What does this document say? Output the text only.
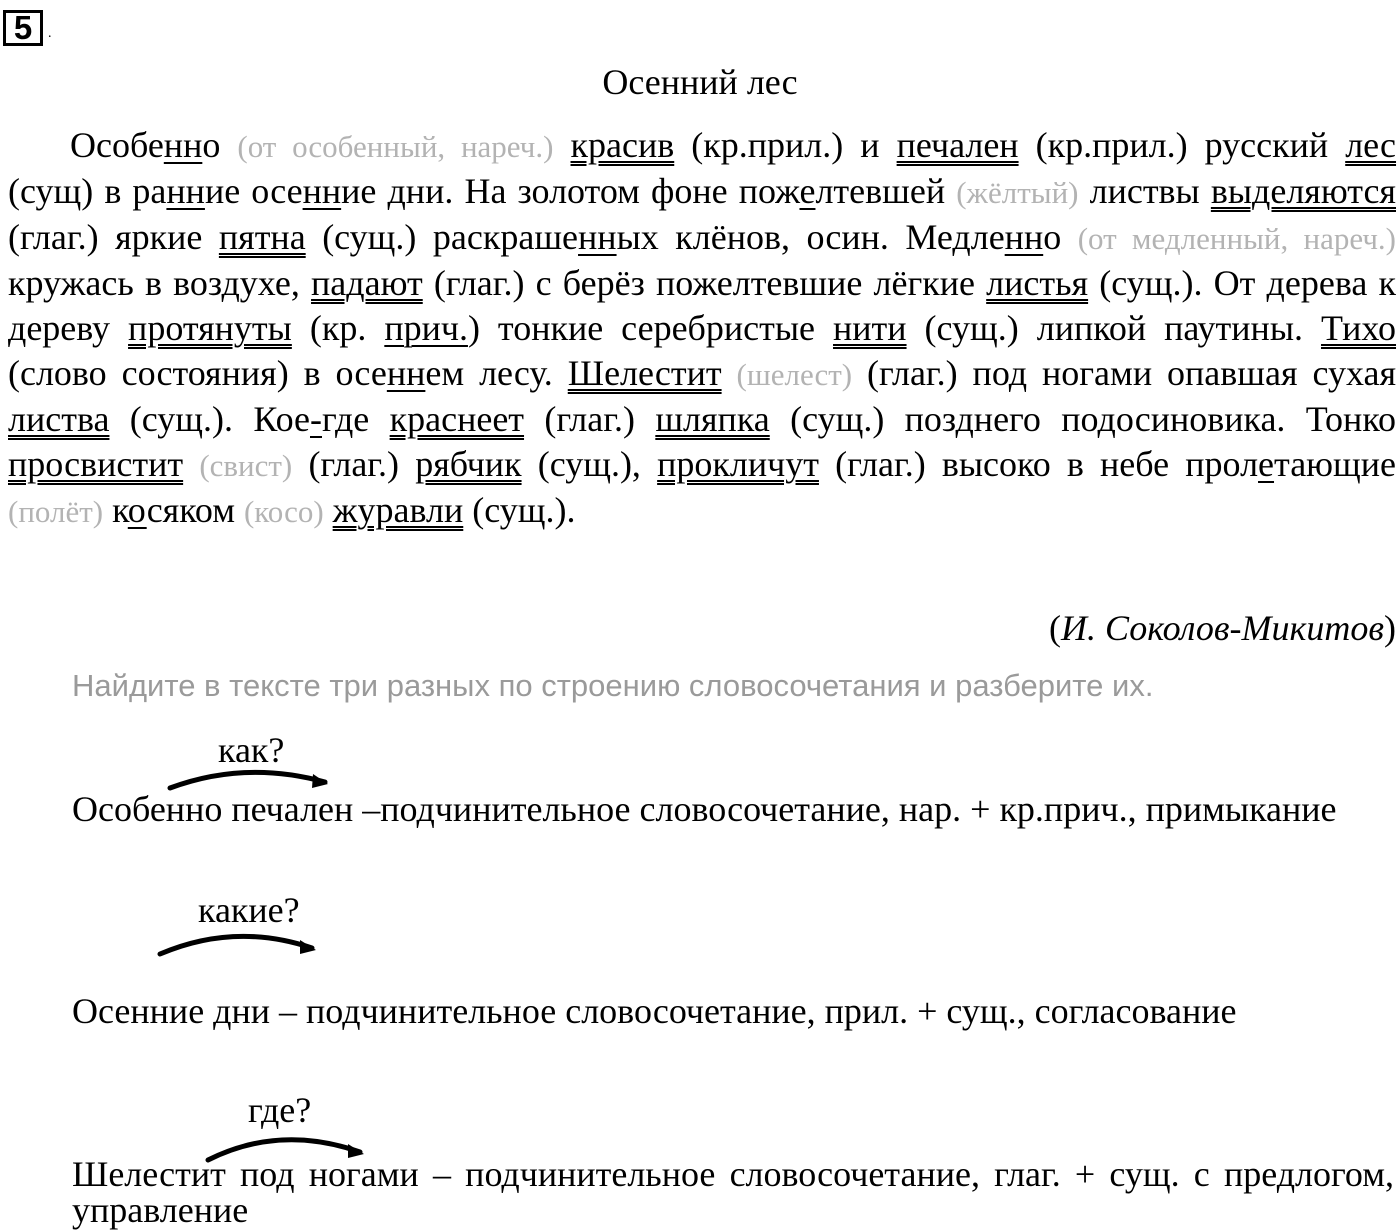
5	.
Осенний лес
Особенно (от особенный, нареч.) красив (кр.прил.) и печален (кр.прил.) русский лес (сущ) в ранние осенние дни. На золотом фоне пожелтевшей (жёлтый) листвы выделяются (глаг.) яркие пятна (сущ.) раскрашенных клёнов, осин. Медленно (от медленный, нареч.) кружась в воздухе, падают (глаг.) с берёз пожелтевшие лёгкие листья (сущ.). От дерева к дереву протянуты (кр. прич.) тонкие серебристые нити (сущ.) липкой паутины. Тихо (слово состояния) в осеннем лесу. Шелестит (шелест) (глаг.) под ногами опавшая сухая листва (сущ.). Кое-где краснеет (глаг.) шляпка (сущ.) позднего подосиновика. Тонко просвистит (свист) (глаг.) рябчик (сущ.), прокличут (глаг.) высоко в небе пролетающие (полёт) косяком (косо) журавли (сущ.).
(И. Соколов-Микитов)
Найдите в тексте три разных по строению словосочетания и разберите их.
как?
Особенно печален –подчинительное словосочетание, нар. + кр.прич., примыкание
какие?
Осенние дни – подчинительное словосочетание, прил. + сущ., согласование
где?
Шелестит под ногами – подчинительное словосочетание, глаг. + сущ. с предлогом, управление
